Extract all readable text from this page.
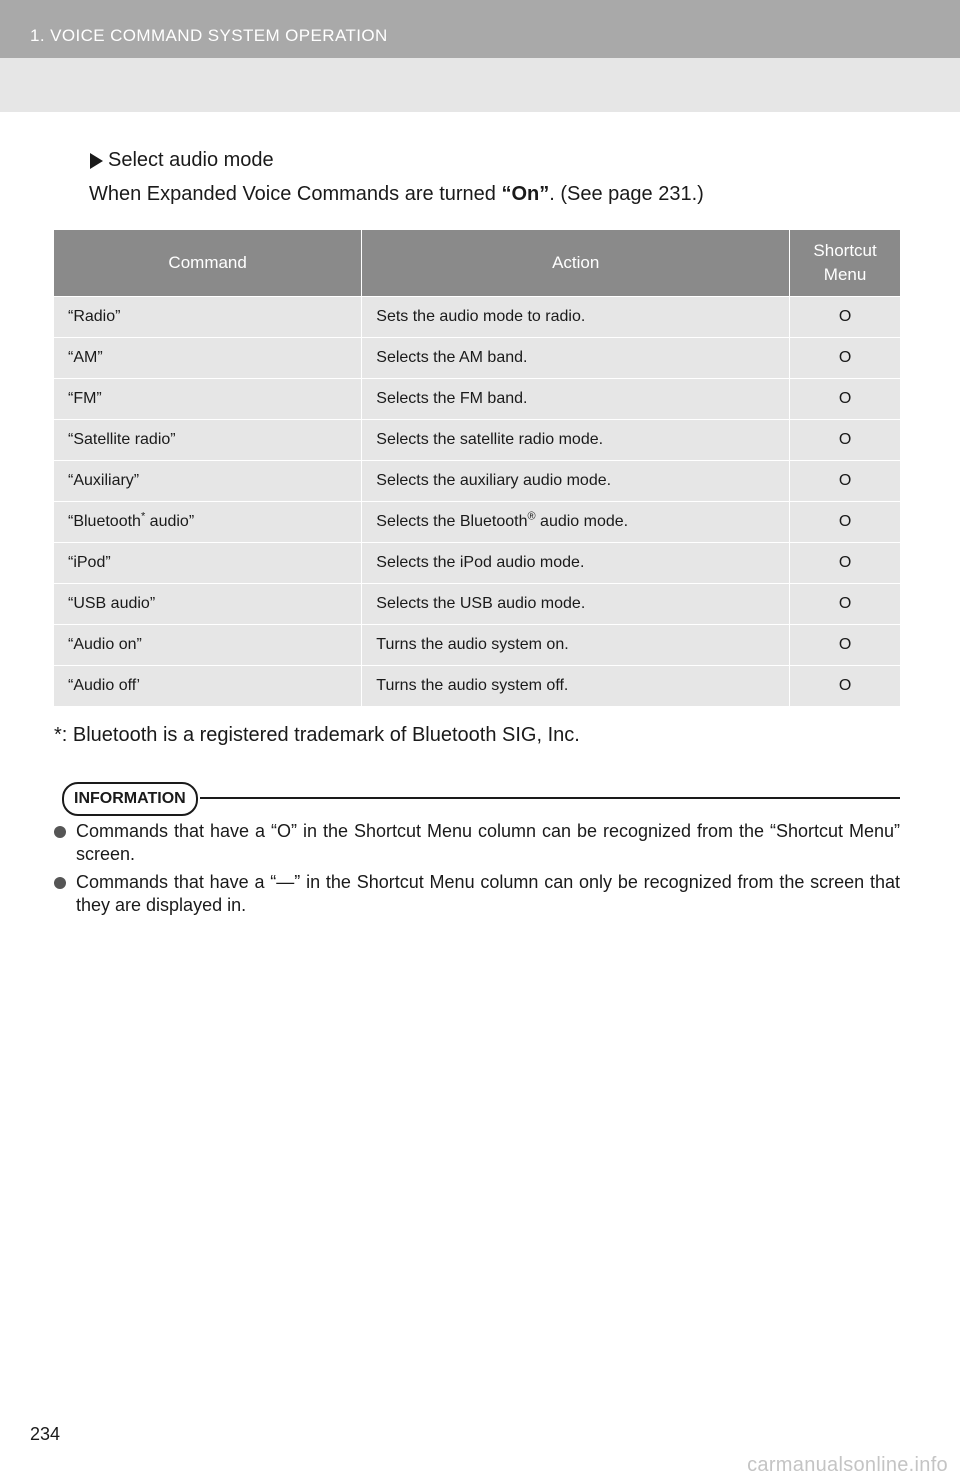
1. VOICE COMMAND SYSTEM OPERATION
Select audio mode
When Expanded Voice Commands are turned “On”. (See page 231.)
Command	Action	Shortcut
Menu
“Radio”	Sets the audio mode to radio.	O
“AM”	Selects the AM band.	O
“FM”	Selects the FM band.	O
“Satellite radio”	Selects the satellite radio mode.	O
“Auxiliary”	Selects the auxiliary audio mode.	O
“Bluetooth* audio”	Selects the Bluetooth® audio mode.	O
“iPod”	Selects the iPod audio mode.	O
“USB audio”	Selects the USB audio mode.	O
“Audio on”	Turns the audio system on.	O
“Audio off’	Turns the audio system off.	O
*: Bluetooth is a registered trademark of Bluetooth SIG, Inc.
INFORMATION
Commands that have a “O” in the Shortcut Menu column can be recognized from the “Shortcut Menu” screen.
Commands that have a “—” in the Shortcut Menu column can only be recognized from the screen that they are displayed in.
234
carmanualsonline.info
